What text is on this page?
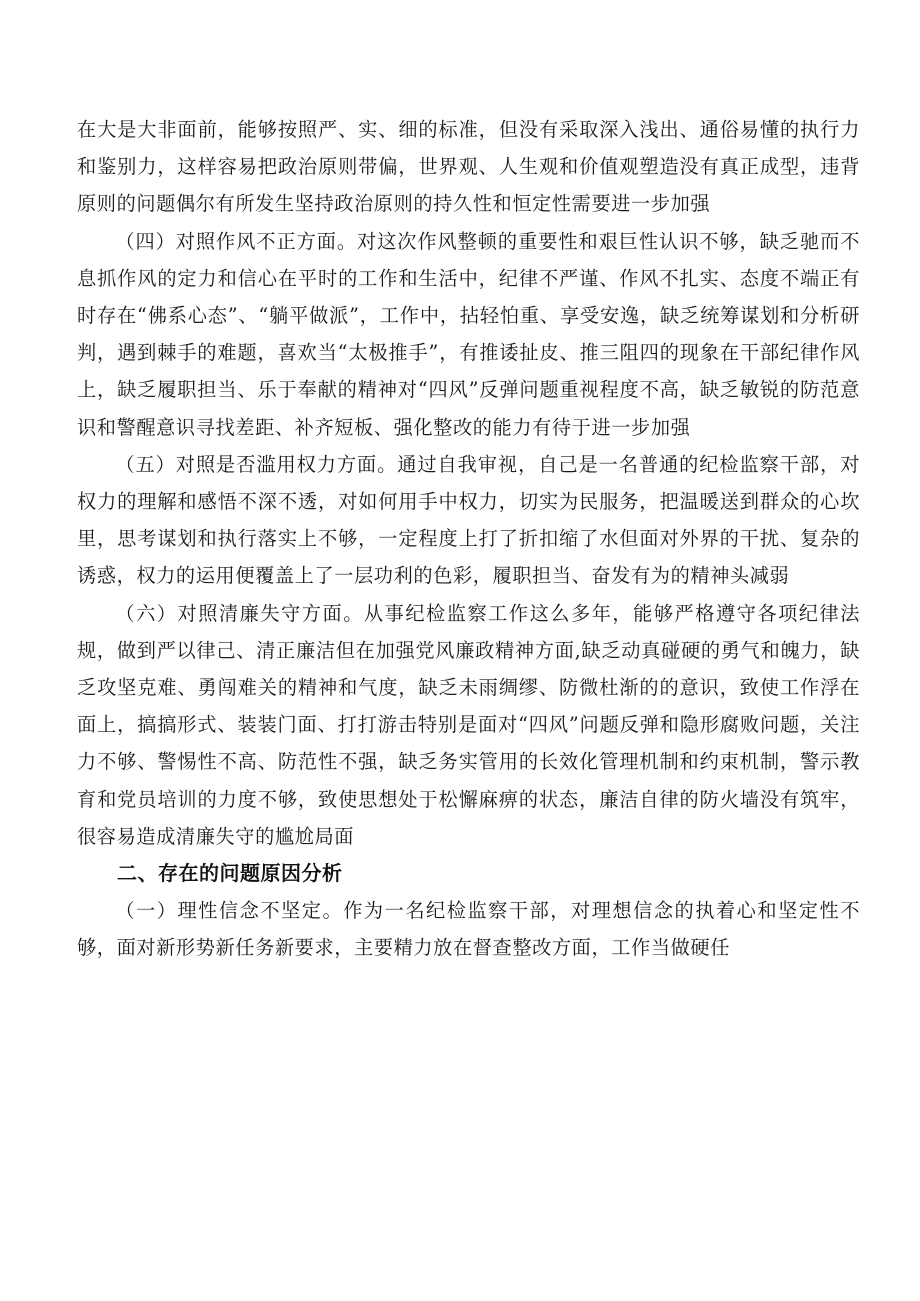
在大是大非面前，能够按照严、实、细的标准，但没有采取深入浅出、通俗易懂的执行力和鉴别力，这样容易把政治原则带偏，世界观、人生观和价值观塑造没有真正成型，违背原则的问题偶尔有所发生坚持政治原则的持久性和恒定性需要进一步加强

（四）对照作风不正方面。对这次作风整顿的重要性和艰巨性认识不够，缺乏驰而不息抓作风的定力和信心在平时的工作和生活中，纪律不严谨、作风不扎实、态度不端正有时存在“佛系心态”、“躺平做派”，工作中，拈轻怕重、享受安逸，缺乏统筹谋划和分析研判，遇到棘手的难题，喜欢当“太极推手”，有推诿扯皮、推三阻四的现象在干部纪律作风上，缺乏履职担当、乐于奉献的精神对“四风”反弹问题重视程度不高，缺乏敏锐的防范意识和警醒意识寻找差距、补齐短板、强化整改的能力有待于进一步加强

（五）对照是否滥用权力方面。通过自我审视，自己是一名普通的纪检监察干部，对权力的理解和感悟不深不透，对如何用手中权力，切实为民服务，把温暖送到群众的心坎里，思考谋划和执行落实上不够，一定程度上打了折扣缩了水但面对外界的干扰、复杂的诱惑，权力的运用便覆盖上了一层功利的色彩，履职担当、奋发有为的精神头减弱

（六）对照清廉失守方面。从事纪检监察工作这么多年，能够严格遵守各项纪律法规，做到严以律己、清正廉洁但在加强党风廉政精神方面,缺乏动真碰硬的勇气和魄力，缺乏攻坚克难、勇闯难关的精神和气度，缺乏未雨绸缪、防微杜渐的的意识，致使工作浮在面上，搞搞形式、装装门面、打打游击特别是面对“四风”问题反弹和隐形腐败问题，关注力不够、警惕性不高、防范性不强，缺乏务实管用的长效化管理机制和约束机制，警示教育和党员培训的力度不够，致使思想处于松懈麻痹的状态，廉洁自律的防火墙没有筑牢，很容易造成清廉失守的尴尬局面

二、存在的问题原因分析

（一）理性信念不坚定。作为一名纪检监察干部，对理想信念的执着心和坚定性不够，面对新形势新任务新要求，主要精力放在督查整改方面，工作当做硬任
